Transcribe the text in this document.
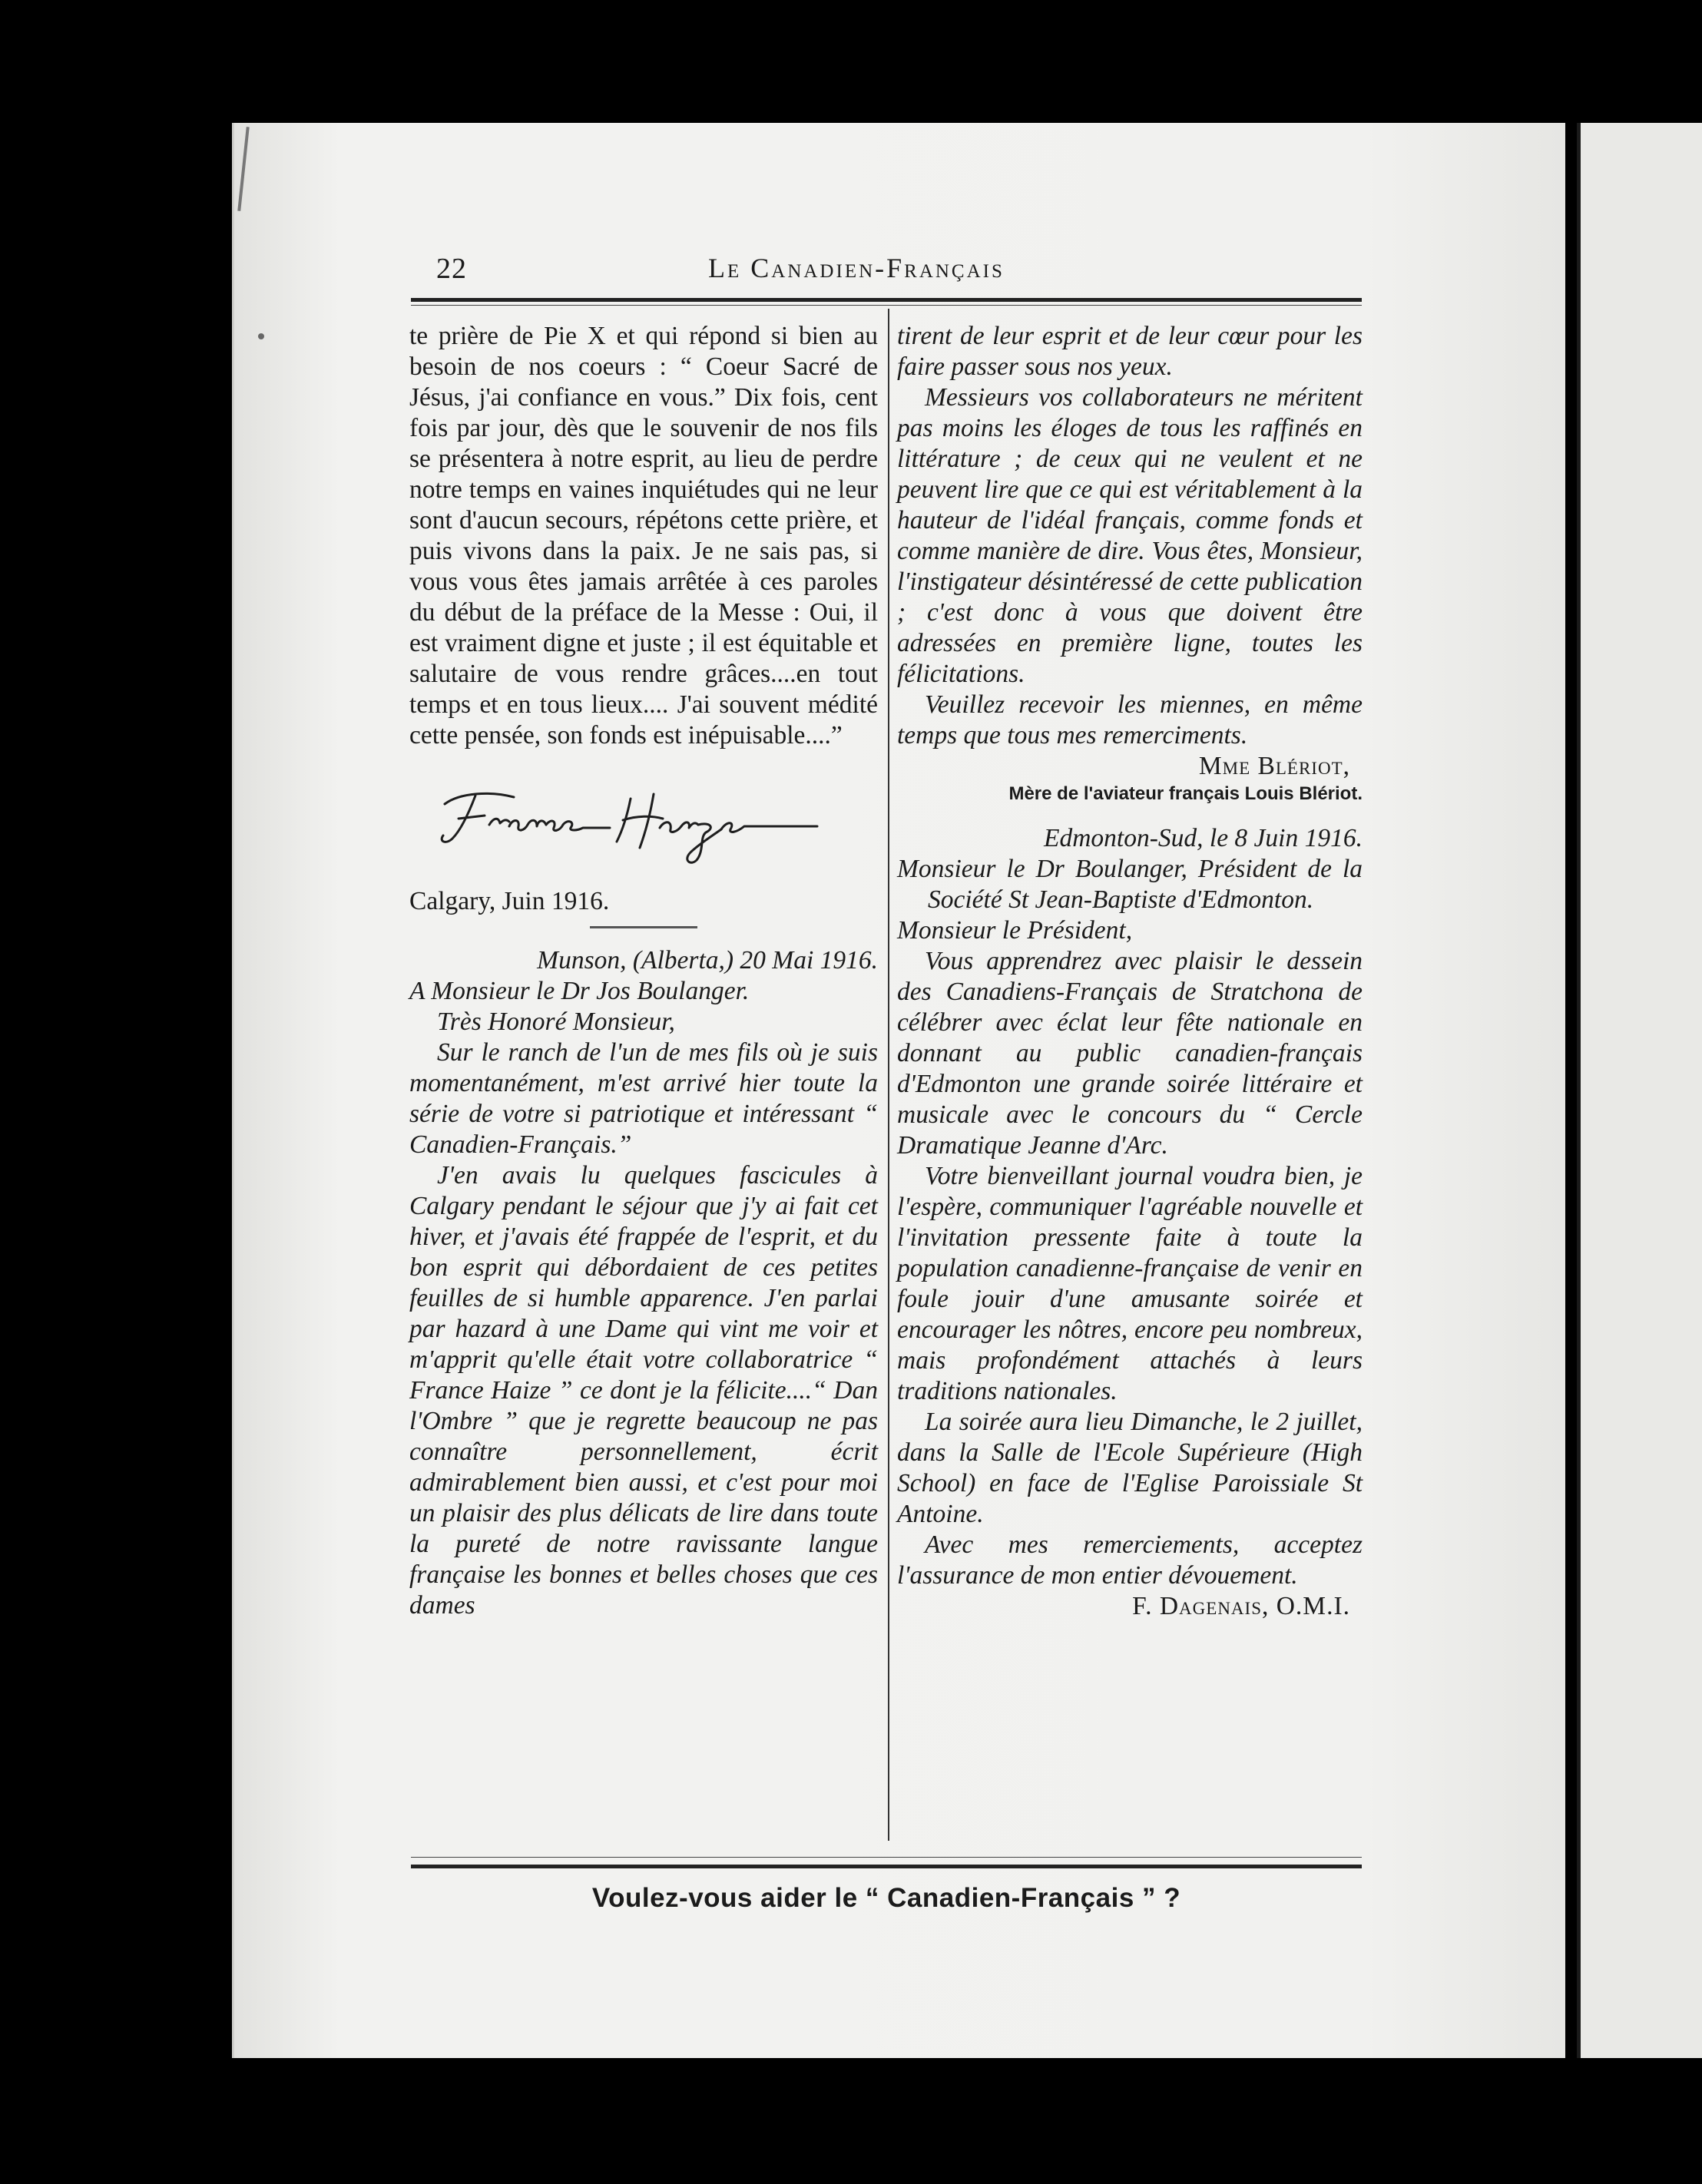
22	Le Canadien-Français

te prière de Pie X et qui répond si bien au besoin de nos coeurs : “ Coeur Sacré de Jésus, j'ai confiance en vous.” Dix fois, cent fois par jour, dès que le souvenir de nos fils se présentera à notre esprit, au lieu de perdre notre temps en vaines inquiétudes qui ne leur sont d'aucun secours, répétons cette prière, et puis vivons dans la paix. Je ne sais pas, si vous vous êtes jamais arrêtée à ces paroles du début de la préface de la Messe : Oui, il est vraiment digne et juste ; il est équitable et salutaire de vous rendre grâces....en tout temps et en tous lieux.... J'ai souvent médité cette pensée, son fonds est inépuisable....”

Calgary, Juin 1916.

Munson, (Alberta,) 20 Mai 1916.

A Monsieur le Dr Jos Boulanger.

Très Honoré Monsieur,

Sur le ranch de l'un de mes fils où je suis momentanément, m'est arrivé hier toute la série de votre si patriotique et intéressant “ Canadien-Français.”

J'en avais lu quelques fascicules à Calgary pendant le séjour que j'y ai fait cet hiver, et j'avais été frappée de l'esprit, et du bon esprit qui débordaient de ces petites feuilles de si humble apparence. J'en parlai par hazard à une Dame qui vint me voir et m'apprit qu'elle était votre collaboratrice “ France Haize ” ce dont je la félicite....“ Dan l'Ombre ” que je regrette beaucoup ne pas connaître personnellement, écrit admirablement bien aussi, et c'est pour moi un plaisir des plus délicats de lire dans toute la pureté de notre ravissante langue française les bonnes et belles choses que ces dames

tirent de leur esprit et de leur cœur pour les faire passer sous nos yeux.

Messieurs vos collaborateurs ne méritent pas moins les éloges de tous les raffinés en littérature ; de ceux qui ne veulent et ne peuvent lire que ce qui est véritablement à la hauteur de l'idéal français, comme fonds et comme manière de dire. Vous êtes, Monsieur, l'instigateur désintéressé de cette publication ; c'est donc à vous que doivent être adressées en première ligne, toutes les félicitations.

Veuillez recevoir les miennes, en même temps que tous mes remerciments.

Mme Blériot,

Mère de l'aviateur français Louis Blériot.

Edmonton-Sud, le 8 Juin 1916.

Monsieur le Dr Boulanger, Président de la Société St Jean-Baptiste d'Edmonton.

Monsieur le Président,

Vous apprendrez avec plaisir le dessein des Canadiens-Français de Stratchona de célébrer avec éclat leur fête nationale en donnant au public canadien-français d'Edmonton une grande soirée littéraire et musicale avec le concours du “ Cercle Dramatique Jeanne d'Arc.

Votre bienveillant journal voudra bien, je l'espère, communiquer l'agréable nouvelle et l'invitation pressente faite à toute la population canadienne-française de venir en foule jouir d'une amusante soirée et encourager les nôtres, encore peu nombreux, mais profondément attachés à leurs traditions nationales.

La soirée aura lieu Dimanche, le 2 juillet, dans la Salle de l'Ecole Supérieure (High School) en face de l'Eglise Paroissiale St Antoine.

Avec mes remerciements, acceptez l'assurance de mon entier dévouement.

F. Dagenais, O.M.I.

Voulez-vous aider le “ Canadien-Français ” ?
